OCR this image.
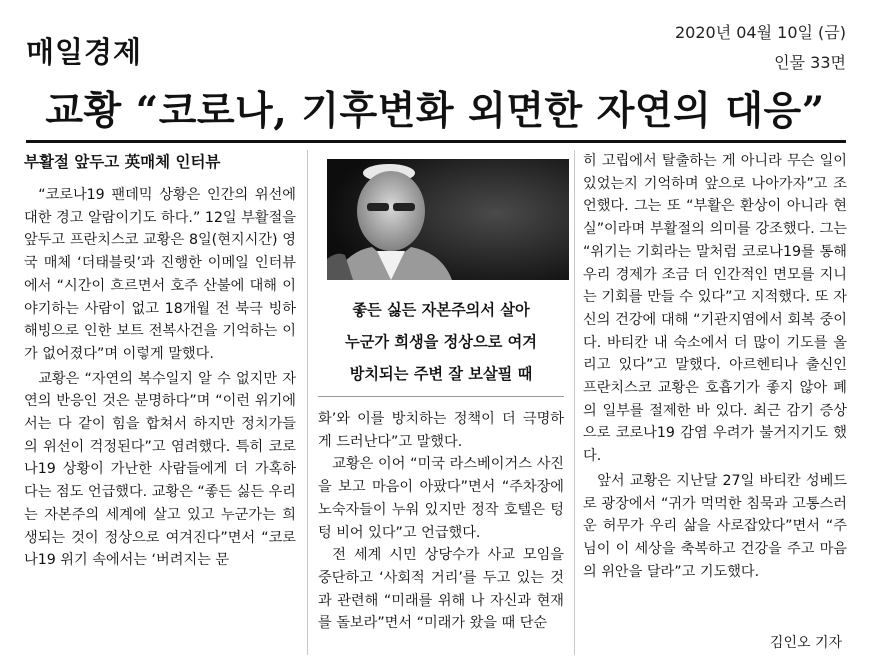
매일경제
2020년 04월 10일 (금)
인물 33면
교황 “코로나, 기후변화 외면한 자연의 대응”

부활절 앞두고 英매체 인터뷰

“코로나19 팬데믹 상황은 인간의 위선에 대한 경고 알람이기도 하다.” 12일 부활절을 앞두고 프란치스코 교황은 8일(현지시간) 영국 매체 ‘더태블릿’과 진행한 이메일 인터뷰에서 “시간이 흐르면서 호주 산불에 대해 이야기하는 사람이 없고 18개월 전 북극 빙하 해빙으로 인한 보트 전복사건을 기억하는 이가 없어졌다”며 이렇게 말했다.

교황은 “자연의 복수일지 알 수 없지만 자연의 반응인 것은 분명하다”며 “이런 위기에서는 다 같이 힘을 합쳐서 하지만 정치가들의 위선이 걱정된다”고 염려했다. 특히 코로나19 상황이 가난한 사람들에게 더 가혹하다는 점도 언급했다. 교황은 “좋든 싫든 우리는 자본주의 세계에 살고 있고 누군가는 희생되는 것이 정상으로 여겨진다”면서 “코로나19 위기 속에서는 ‘버려지는 문

좋든 싫든 자본주의서 살아
누군가 희생을 정상으로 여겨
방치되는 주변 잘 보살필 때

화’와 이를 방치하는 정책이 더 극명하게 드러난다”고 말했다.

교황은 이어 “미국 라스베이거스 사진을 보고 마음이 아팠다”면서 “주차장에 노숙자들이 누워 있지만 정작 호텔은 텅텅 비어 있다”고 언급했다.

전 세계 시민 상당수가 사교 모임을 중단하고 ‘사회적 거리’를 두고 있는 것과 관련해 “미래를 위해 나 자신과 현재를 돌보라”면서 “미래가 왔을 때 단순

히 고립에서 탈출하는 게 아니라 무슨 일이 있었는지 기억하며 앞으로 나아가자”고 조언했다. 그는 또 “부활은 환상이 아니라 현실”이라며 부활절의 의미를 강조했다. 그는 “위기는 기회라는 말처럼 코로나19를 통해 우리 경제가 조금 더 인간적인 면모를 지니는 기회를 만들 수 있다”고 지적했다. 또 자신의 건강에 대해 “기관지염에서 회복 중이다. 바티칸 내 숙소에서 더 많이 기도를 올리고 있다”고 말했다. 아르헨티나 출신인 프란치스코 교황은 호흡기가 좋지 않아 폐의 일부를 절제한 바 있다. 최근 감기 증상으로 코로나19 감염 우려가 불거지기도 했다.

앞서 교황은 지난달 27일 바티칸 성베드로 광장에서 “귀가 먹먹한 침묵과 고통스러운 허무가 우리 삶을 사로잡았다”면서 “주님이 이 세상을 축복하고 건강을 주고 마음의 위안을 달라”고 기도했다.

김인오 기자
